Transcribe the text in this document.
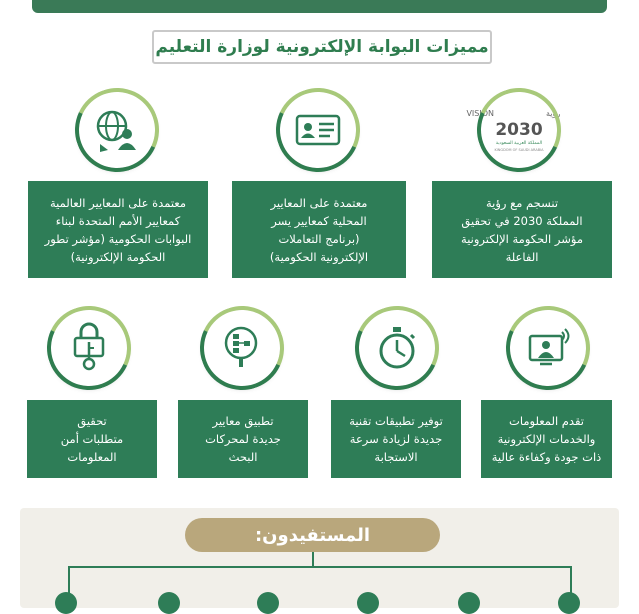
مميزات البوابة الإلكترونية لوزارة التعليم
VISION	رؤية
2030
المملكة العربية السعودية
KINGDOM OF SAUDI ARABIA
تنسجم مع رؤية
المملكة 2030 في تحقيق
مؤشر الحكومة الإلكترونية
الفاعلة
معتمدة على المعايير
المحلية كمعايير يسر
(برنامج التعاملات
الإلكترونية الحكومية)
معتمدة على المعايير العالمية
كمعايير الأمم المتحدة لبناء
البوابات الحكومية (مؤشر تطور
الحكومة الإلكترونية)
تقدم المعلومات
والخدمات الإلكترونية
ذات جودة وكفاءة عالية
توفير تطبيقات تقنية
جديدة لزيادة سرعة
الاستجابة
تطبيق معايير
جديدة لمحركات
البحث
تحقيق
متطلبات أمن
المعلومات
المستفيدون:
